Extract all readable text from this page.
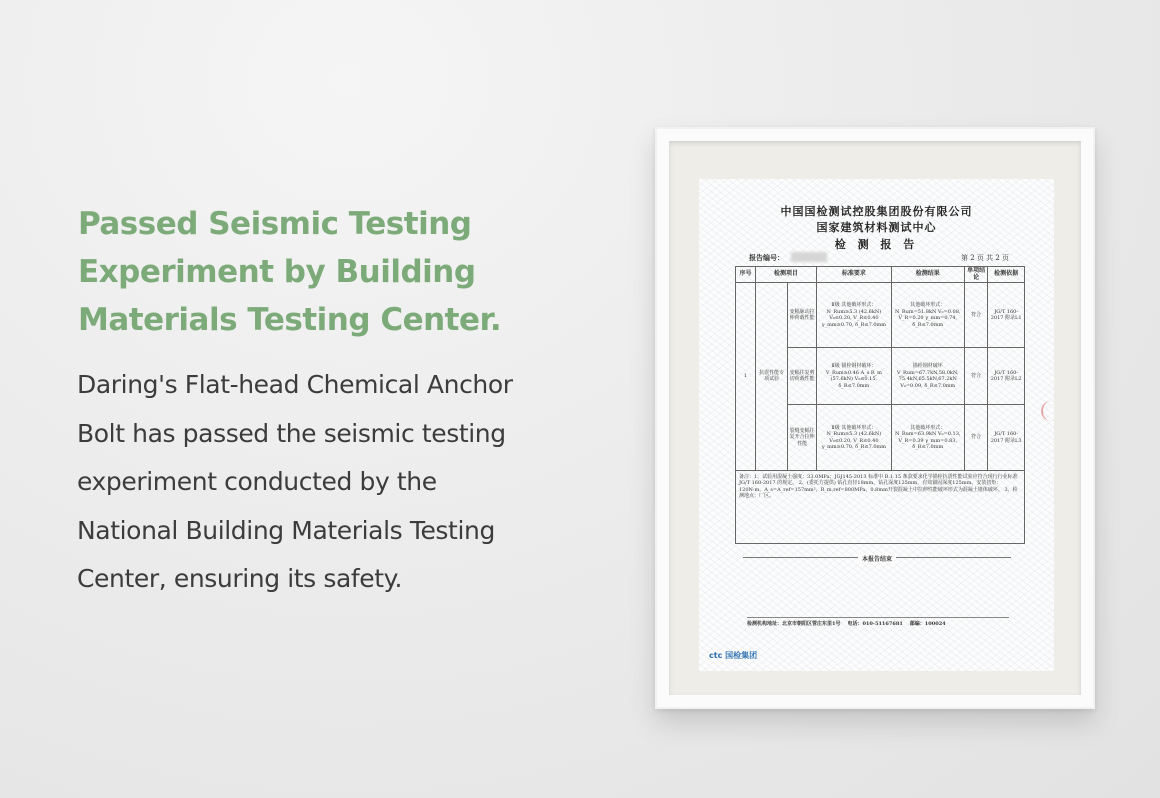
Passed Seismic Testing
Experiment by Building
Materials Testing Center.

Daring's Flat-head Chemical Anchor
Bolt has passed the seismic testing
experiment conducted by the
National Building Materials Testing
Center, ensuring its safety.

中国国检测试控股集团股份有限公司
国家建筑材料测试中心
检 测 报 告
报告编号：	第 2 页 共 2 页
序号	检测项目		标准要求	检测结果	单项结论	检测依据
1	抗震性能专项试验	变幅脉动拉伸荷载性能	Ⅱ级 其他破坏形式： N_Rum≥5.3 (42.6kN) V₀≤0.20, V_R≤0.40 γ_mm≥0.70, δ_R≤7.0mm	其他破坏形式： N_Rum=51.8kN V₀=0.08, V_R=0.20 γ_mm=0.74, δ_R≤7.0mm	符合	JG/T 160-2017 附录L1
		变幅往复剪切荷载性能	Ⅱ级 锚栓钢材破坏： V_Rum≥0.46 A_s R_m (57.6kN) V₀≤0.15, δ_R≤7.0mm	锚栓钢材破坏 V_Rum=67.7kN,58.0kN, 75.4kN,65.5kN,67.2kN V₀=0.09, δ_R≤7.0mm	符合	JG/T 160-2017 附录L2
		裂缝变幅往复开合拉伸性能	Ⅱ级 其他破坏形式： N_Rum≥5.3 (42.6kN) V₀≤0.20, V_R≤0.40 γ_mm≥0.70, δ_R≤7.0mm	其他破坏形式： N_Rum=63.9kN V₀=0.13, V_R=0.39 γ_mm=0.83, δ_R≤7.0mm	符合	JG/T 160-2017 附录L3
备注：1、试验用混凝土强度：33.0MPa；JGJ145-2013 标准中 B.1.15 条款要求化学锚栓抗震性能试验应符合现行行业标准 JG/T 160-2017 的规定。 2、(委托方提供) 钻孔直径18mm，钻孔深度125mm，有效锚固深度125mm，安装扭矩：120N·m，A_s=A_ref=157mm²，R_m,ref=800MPa，0.8mm开裂混凝土中拉伸性能破坏形式为混凝土锥体破坏。 3、检测地点：厂区。						
本报告结束
检测机构地址：北京市朝阳区管庄东里1号 电话：010-51167681 邮编：100024
ctc 国检集团
